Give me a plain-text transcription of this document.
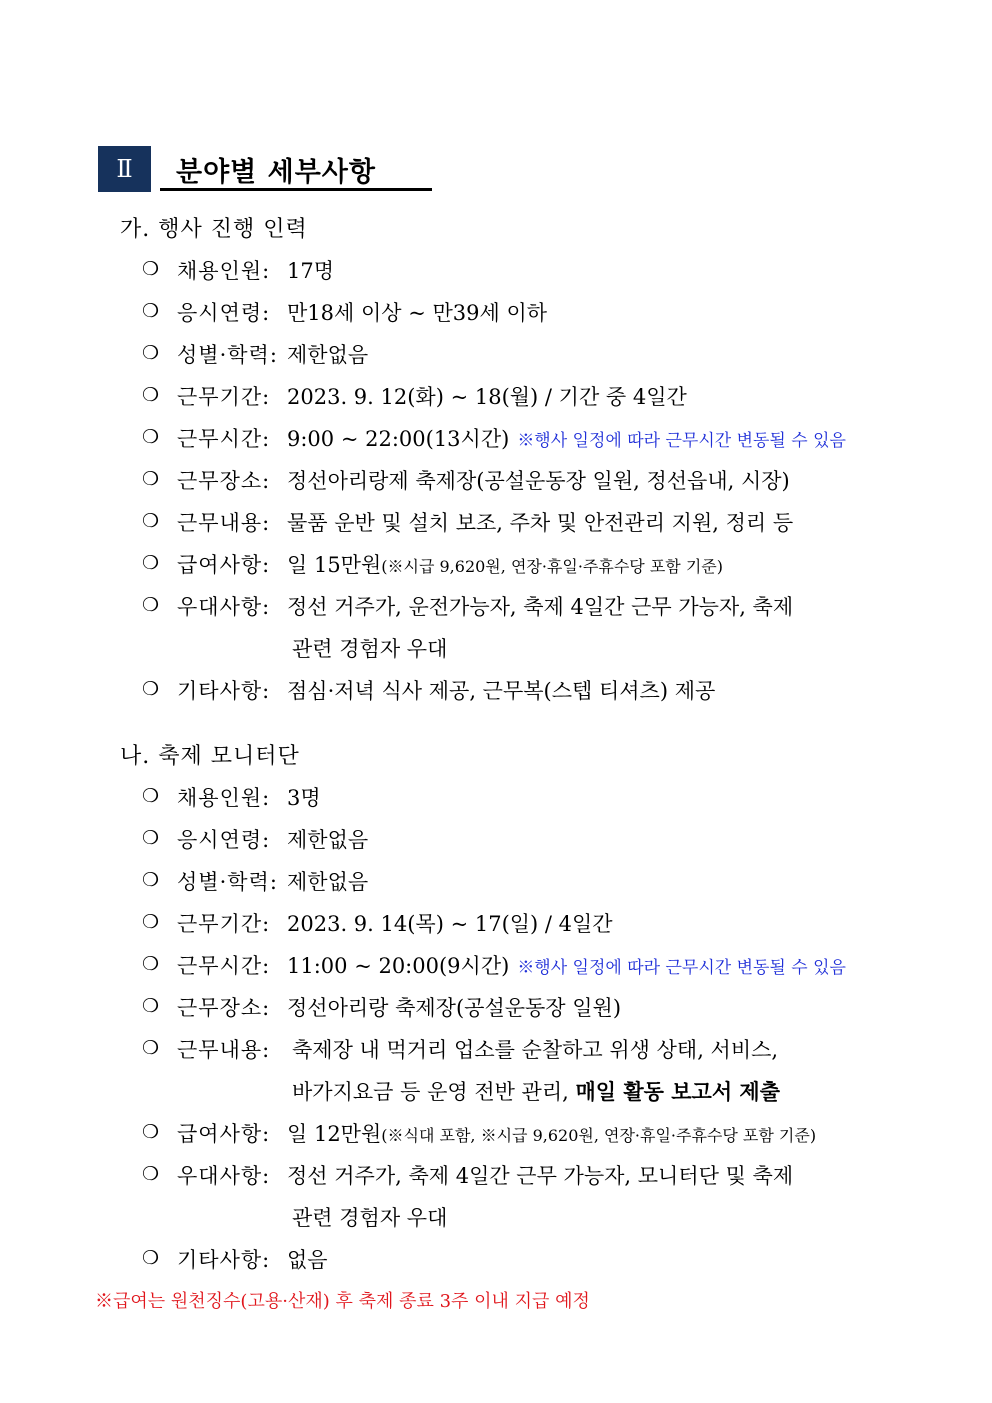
Ⅱ	분야별 세부사항
가. 행사 진행 인력
❍ 채용인원: 17명
❍ 응시연령: 만18세 이상 ~ 만39세 이하
❍ 성별·학력: 제한없음
❍ 근무기간: 2023. 9. 12(화) ~ 18(월) / 기간 중 4일간
❍ 근무시간: 9:00 ~ 22:00(13시간) ※행사 일정에 따라 근무시간 변동될 수 있음
❍ 근무장소: 정선아리랑제 축제장(공설운동장 일원, 정선읍내, 시장)
❍ 근무내용: 물품 운반 및 설치 보조, 주차 및 안전관리 지원, 정리 등
❍ 급여사항: 일 15만원(※시급 9,620원, 연장·휴일·주휴수당 포함 기준)
❍ 우대사항: 정선 거주가, 운전가능자, 축제 4일간 근무 가능자, 축제
관련 경험자 우대
❍ 기타사항: 점심·저녁 식사 제공, 근무복(스텝 티셔츠) 제공
나. 축제 모니터단
❍ 채용인원: 3명
❍ 응시연령: 제한없음
❍ 성별·학력: 제한없음
❍ 근무기간: 2023. 9. 14(목) ~ 17(일) / 4일간
❍ 근무시간: 11:00 ~ 20:00(9시간) ※행사 일정에 따라 근무시간 변동될 수 있음
❍ 근무장소: 정선아리랑 축제장(공설운동장 일원)
❍ 근무내용: 축제장 내 먹거리 업소를 순찰하고 위생 상태, 서비스,
바가지요금 등 운영 전반 관리, 매일 활동 보고서 제출
❍ 급여사항: 일 12만원(※식대 포함, ※시급 9,620원, 연장·휴일·주휴수당 포함 기준)
❍ 우대사항: 정선 거주가, 축제 4일간 근무 가능자, 모니터단 및 축제
관련 경험자 우대
❍ 기타사항: 없음
※급여는 원천징수(고용·산재) 후 축제 종료 3주 이내 지급 예정
